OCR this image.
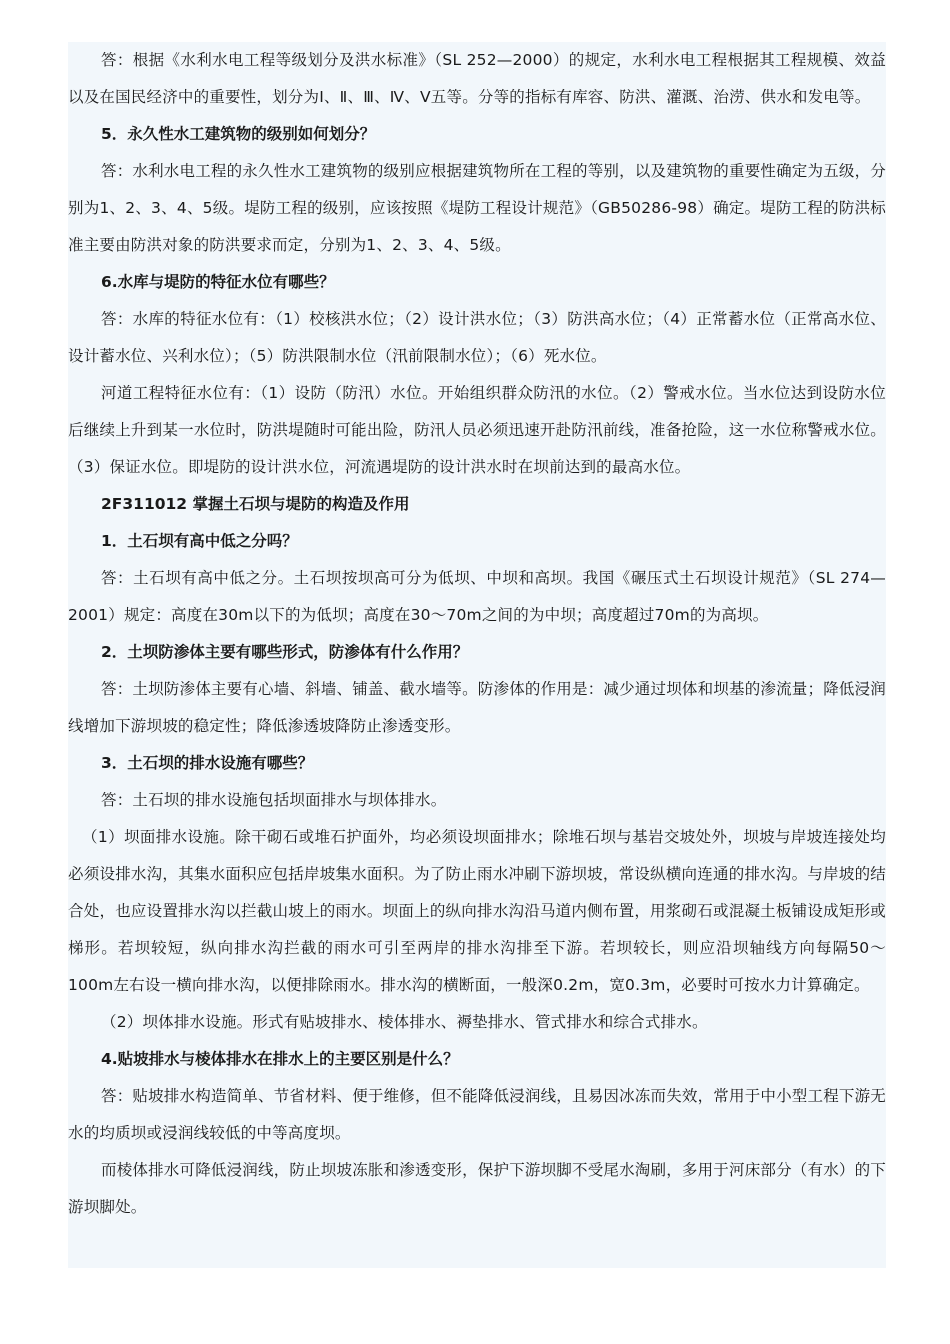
答：根据《水利水电工程等级划分及洪水标准》（SL 252—2000）的规定，水利水电工程根据其工程规模、效益以及在国民经济中的重要性，划分为Ⅰ、Ⅱ、Ⅲ、Ⅳ、Ⅴ五等。分等的指标有库容、防洪、灌溉、治涝、供水和发电等。

5．永久性水工建筑物的级别如何划分？

答：水利水电工程的永久性水工建筑物的级别应根据建筑物所在工程的等别，以及建筑物的重要性确定为五级，分别为1、2、3、4、5级。堤防工程的级别，应该按照《堤防工程设计规范》（GB50286-98）确定。堤防工程的防洪标准主要由防洪对象的防洪要求而定，分别为1、2、3、4、5级。

6.水库与堤防的特征水位有哪些？

答：水库的特征水位有：（1）校核洪水位；（2）设计洪水位；（3）防洪高水位；（4）正常蓄水位（正常高水位、设计蓄水位、兴利水位）；（5）防洪限制水位（汛前限制水位）；（6）死水位。

河道工程特征水位有：（1）设防（防汛）水位。开始组织群众防汛的水位。（2）警戒水位。当水位达到设防水位后继续上升到某一水位时，防洪堤随时可能出险，防汛人员必须迅速开赴防汛前线，准备抢险，这一水位称警戒水位。（3）保证水位。即堤防的设计洪水位，河流遇堤防的设计洪水时在坝前达到的最高水位。

2F311012 掌握土石坝与堤防的构造及作用

1．土石坝有高中低之分吗？

答：土石坝有高中低之分。土石坝按坝高可分为低坝、中坝和高坝。我国《碾压式土石坝设计规范》（SL 274—2001）规定：高度在30m以下的为低坝；高度在30～70m之间的为中坝；高度超过70m的为高坝。

2．土坝防渗体主要有哪些形式，防渗体有什么作用？

答：土坝防渗体主要有心墙、斜墙、铺盖、截水墙等。防渗体的作用是：减少通过坝体和坝基的渗流量；降低浸润线增加下游坝坡的稳定性；降低渗透坡降防止渗透变形。

3．土石坝的排水设施有哪些？

答：土石坝的排水设施包括坝面排水与坝体排水。

（1）坝面排水设施。除干砌石或堆石护面外，均必须设坝面排水；除堆石坝与基岩交坡处外，坝坡与岸坡连接处均必须设排水沟，其集水面积应包括岸坡集水面积。为了防止雨水冲刷下游坝坡，常设纵横向连通的排水沟。与岸坡的结合处，也应设置排水沟以拦截山坡上的雨水。坝面上的纵向排水沟沿马道内侧布置，用浆砌石或混凝土板铺设成矩形或梯形。若坝较短，纵向排水沟拦截的雨水可引至两岸的排水沟排至下游。若坝较长，则应沿坝轴线方向每隔50～100m左右设一横向排水沟，以便排除雨水。排水沟的横断面，一般深0.2m，宽0.3m，必要时可按水力计算确定。

（2）坝体排水设施。形式有贴坡排水、棱体排水、褥垫排水、管式排水和综合式排水。

4.贴坡排水与棱体排水在排水上的主要区别是什么？

答：贴坡排水构造简单、节省材料、便于维修，但不能降低浸润线，且易因冰冻而失效，常用于中小型工程下游无水的均质坝或浸润线较低的中等高度坝。

而棱体排水可降低浸润线，防止坝坡冻胀和渗透变形，保护下游坝脚不受尾水淘刷，多用于河床部分（有水）的下游坝脚处。
